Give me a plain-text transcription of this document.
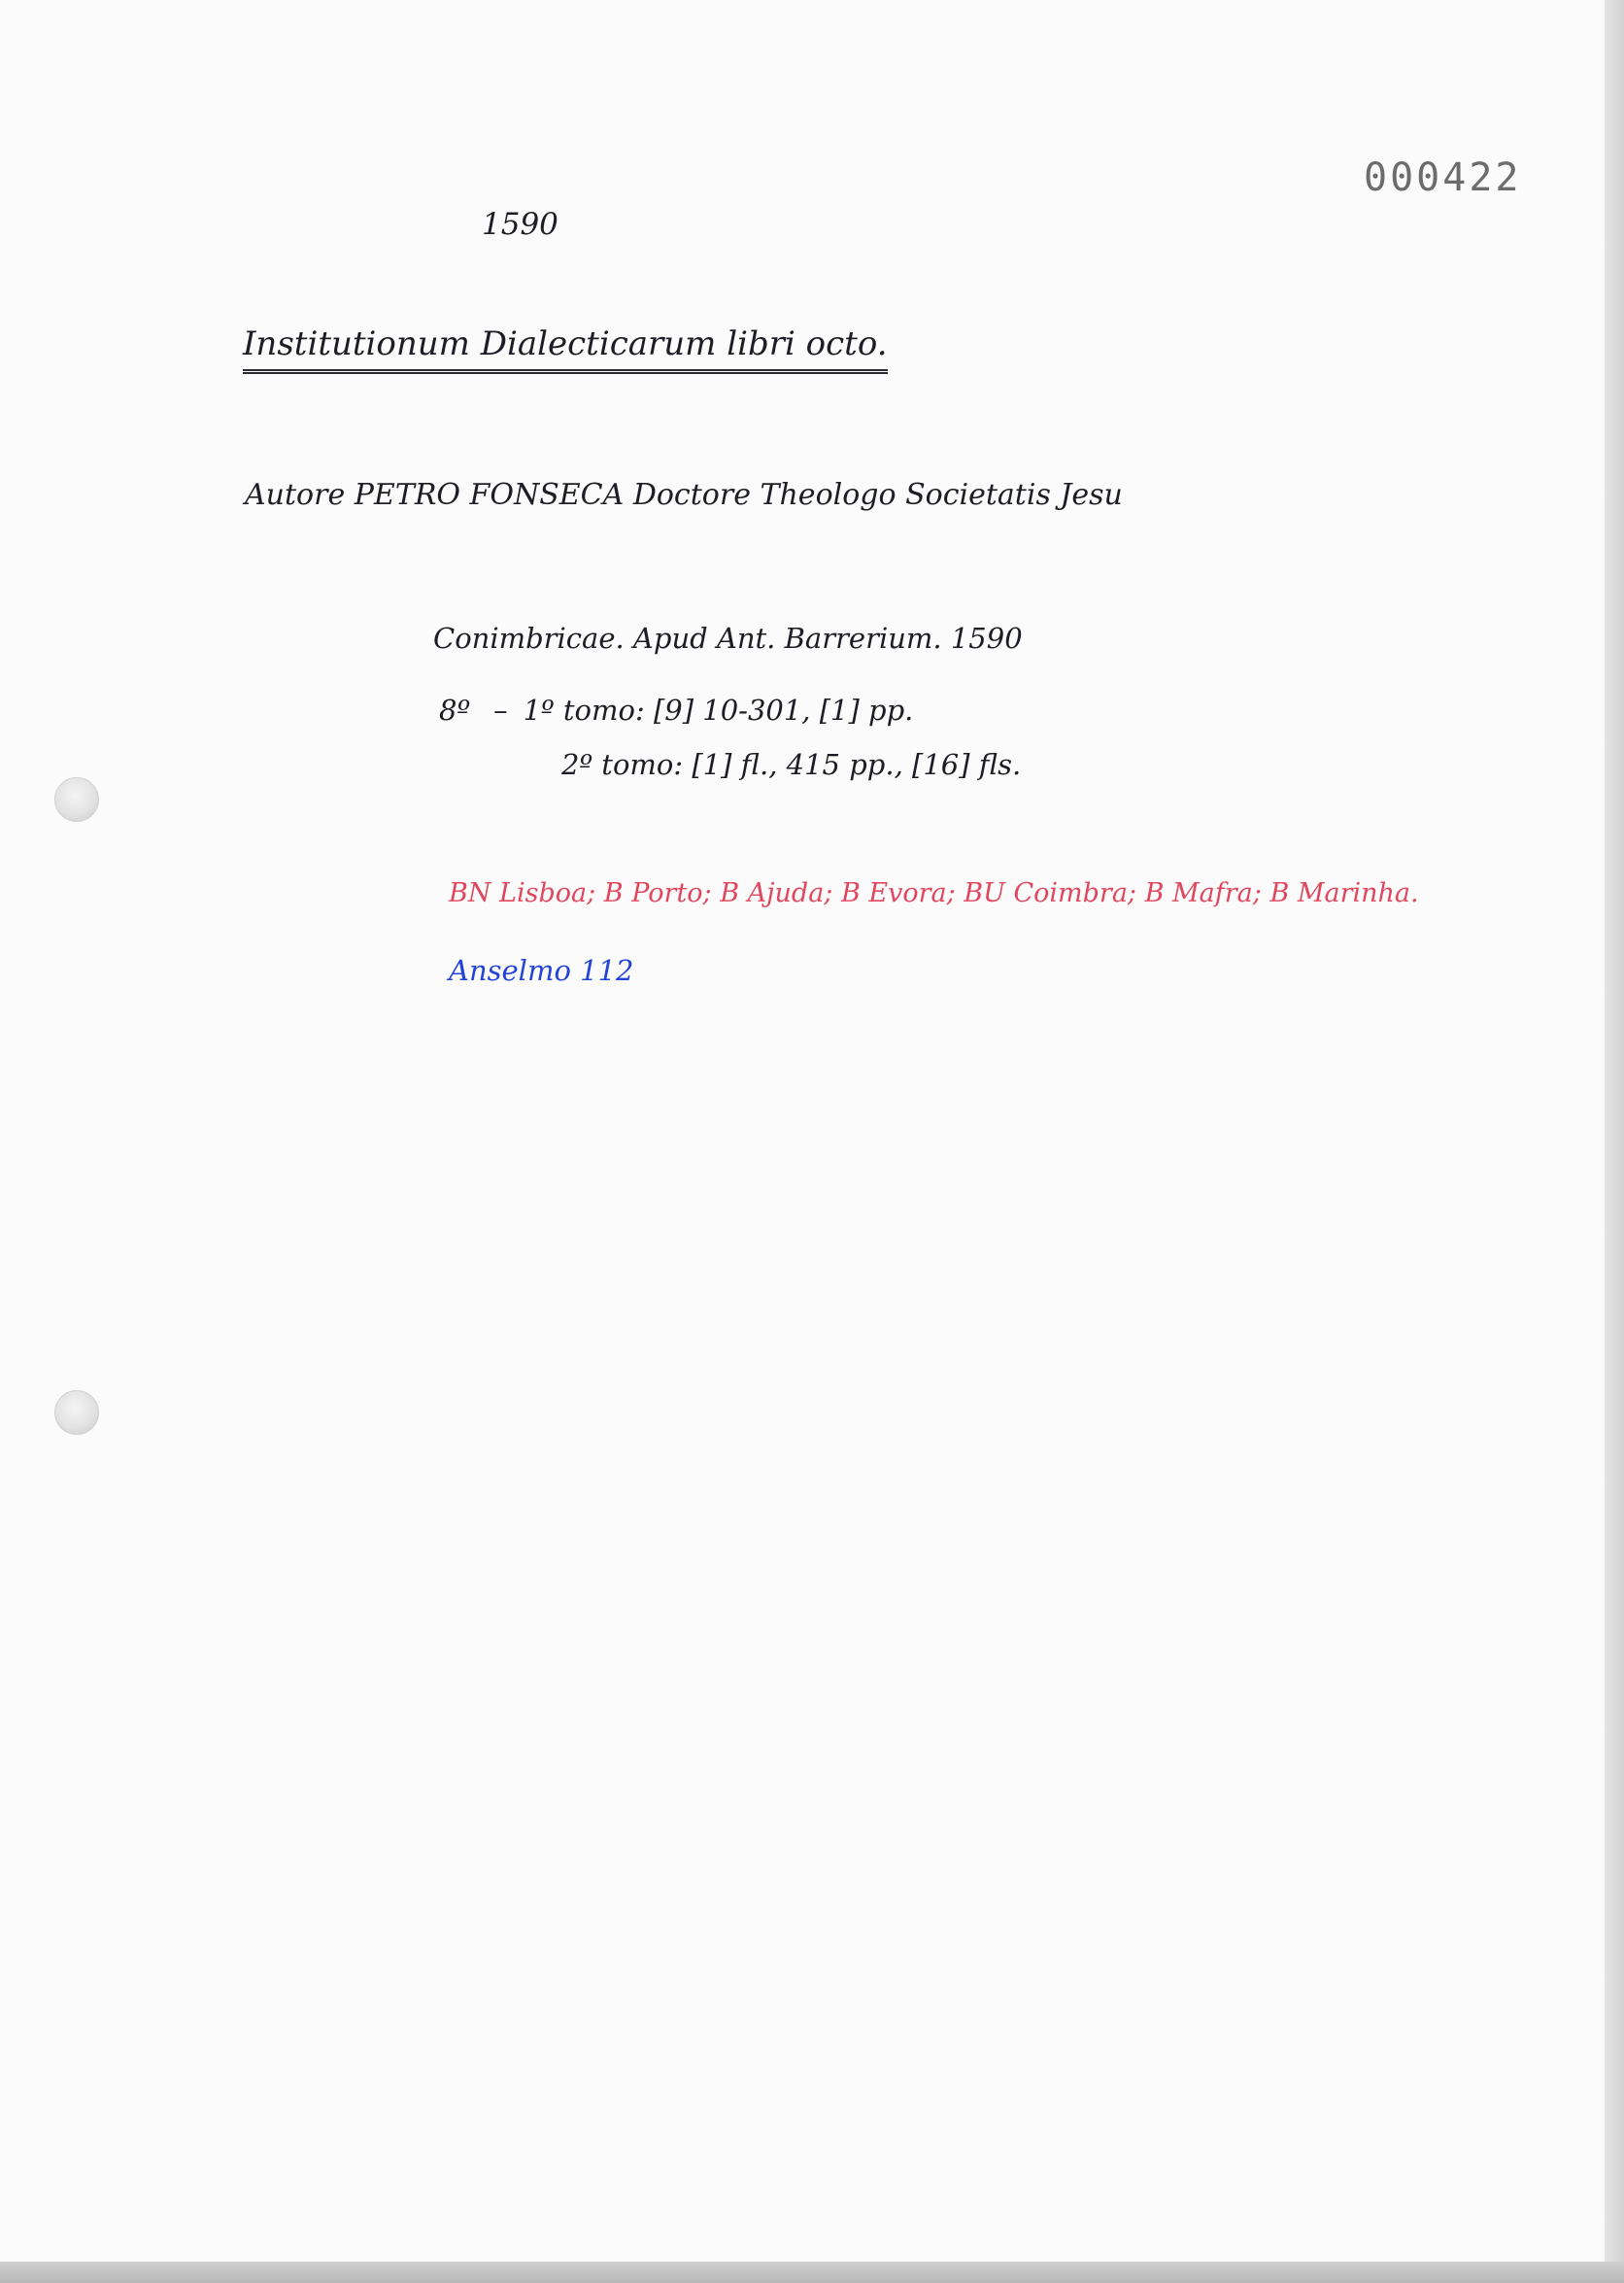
000422
1590
Institutionum Dialecticarum libri octo.
Autore PETRO FONSECA Doctore Theologo Societatis Jesu
Conimbricae. Apud Ant. Barrerium. 1590
8º – 1º tomo: [9] 10-301, [1] pp.
2º tomo: [1] fl., 415 pp., [16] fls.
BN Lisboa; B Porto; B Ajuda; B Evora; BU Coimbra; B Mafra; B Marinha.
Anselmo 112
